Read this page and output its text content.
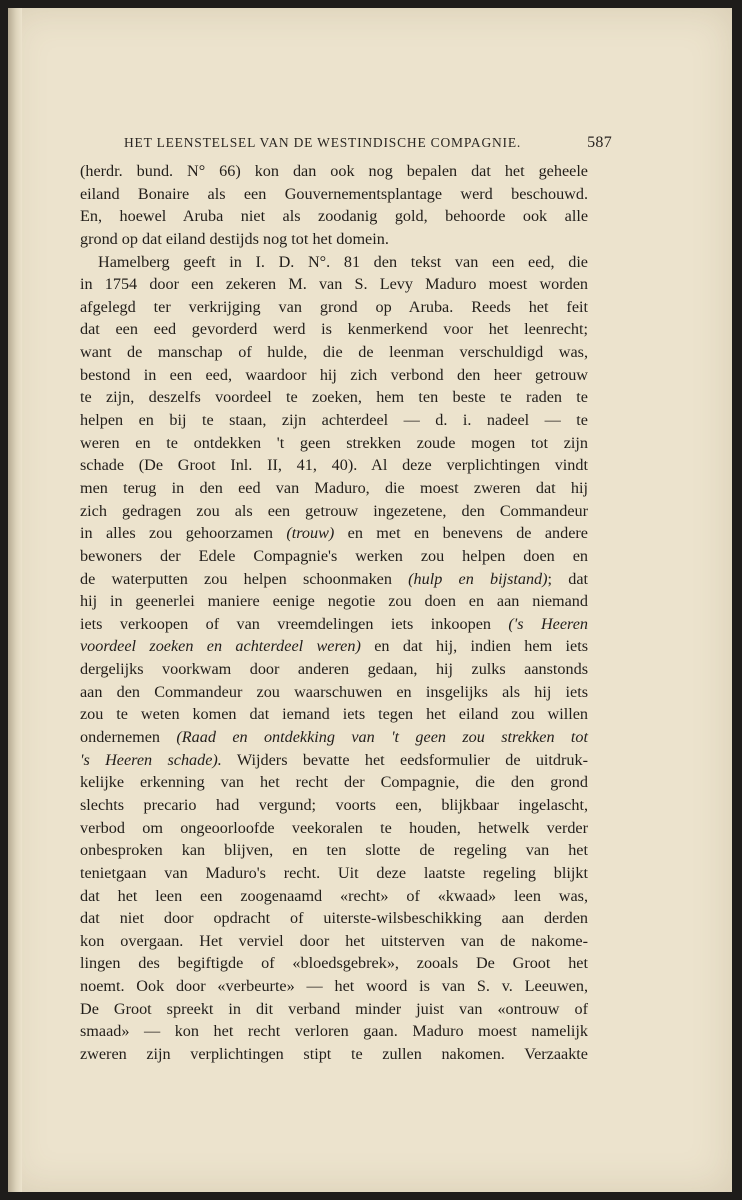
HET LEENSTELSEL VAN DE WESTINDISCHE COMPAGNIE.	587
(herdr. bund. N° 66) kon dan ook nog bepalen dat het geheele
eiland Bonaire als een Gouvernementsplantage werd beschouwd.
En, hoewel Aruba niet als zoodanig gold, behoorde ook alle
grond op dat eiland destijds nog tot het domein.
Hamelberg geeft in I. D. N°. 81 den tekst van een eed, die
in 1754 door een zekeren M. van S. Levy Maduro moest worden
afgelegd ter verkrijging van grond op Aruba. Reeds het feit
dat een eed gevorderd werd is kenmerkend voor het leenrecht;
want de manschap of hulde, die de leenman verschuldigd was,
bestond in een eed, waardoor hij zich verbond den heer getrouw
te zijn, deszelfs voordeel te zoeken, hem ten beste te raden te
helpen en bij te staan, zijn achterdeel — d. i. nadeel — te
weren en te ontdekken 't geen strekken zoude mogen tot zijn
schade (De Groot Inl. II, 41, 40). Al deze verplichtingen vindt
men terug in den eed van Maduro, die moest zweren dat hij
zich gedragen zou als een getrouw ingezetene, den Commandeur
in alles zou gehoorzamen (trouw) en met en benevens de andere
bewoners der Edele Compagnie's werken zou helpen doen en
de waterputten zou helpen schoonmaken (hulp en bijstand); dat
hij in geenerlei maniere eenige negotie zou doen en aan niemand
iets verkoopen of van vreemdelingen iets inkoopen ('s Heeren
voordeel zoeken en achterdeel weren) en dat hij, indien hem iets
dergelijks voorkwam door anderen gedaan, hij zulks aanstonds
aan den Commandeur zou waarschuwen en insgelijks als hij iets
zou te weten komen dat iemand iets tegen het eiland zou willen
ondernemen (Raad en ontdekking van 't geen zou strekken tot
's Heeren schade). Wijders bevatte het eedsformulier de uitdruk-
kelijke erkenning van het recht der Compagnie, die den grond
slechts precario had vergund; voorts een, blijkbaar ingelascht,
verbod om ongeoorloofde veekoralen te houden, hetwelk verder
onbesproken kan blijven, en ten slotte de regeling van het
tenietgaan van Maduro's recht. Uit deze laatste regeling blijkt
dat het leen een zoogenaamd «recht» of «kwaad» leen was,
dat niet door opdracht of uiterste-wilsbeschikking aan derden
kon overgaan. Het verviel door het uitsterven van de nakome-
lingen des begiftigde of «bloedsgebrek», zooals De Groot het
noemt. Ook door «verbeurte» — het woord is van S. v. Leeuwen,
De Groot spreekt in dit verband minder juist van «ontrouw of
smaad» — kon het recht verloren gaan. Maduro moest namelijk
zweren zijn verplichtingen stipt te zullen nakomen. Verzaakte
